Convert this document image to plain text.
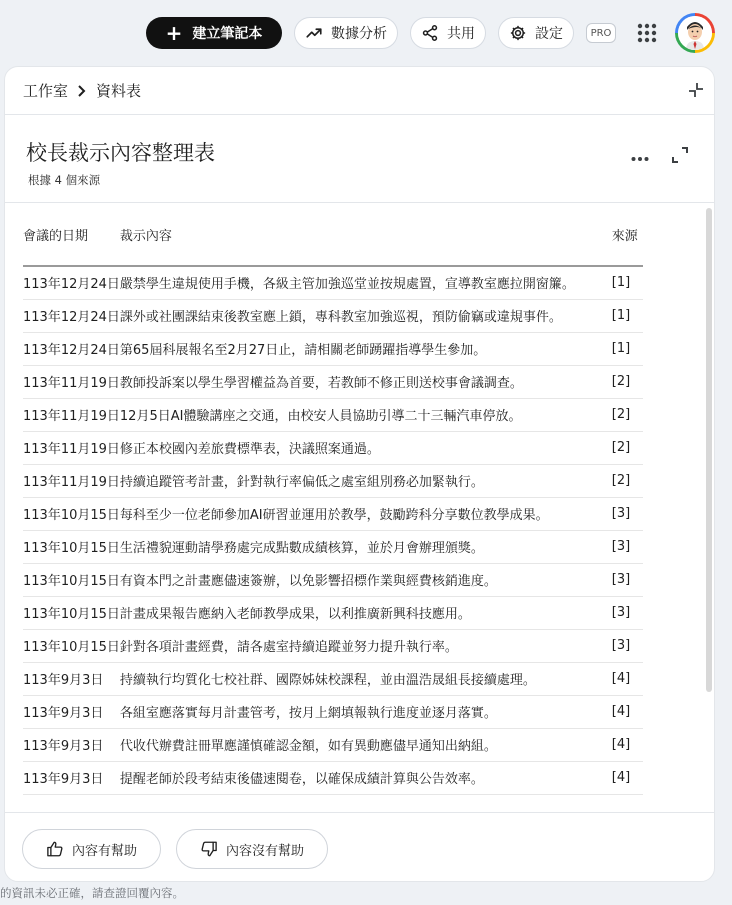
+ 建立筆記本	數據分析	共用	設定	PRO
工作室 資料表
校長裁示內容整理表
根據 4 個來源
會議的日期	裁示內容	來源
113年12月24日	嚴禁學生違規使用手機，各級主管加強巡堂並按規處置，宣導教室應拉開窗簾。	[1]
113年12月24日	課外或社團課結束後教室應上鎖，專科教室加強巡視，預防偷竊或違規事件。	[1]
113年12月24日	第65屆科展報名至2月27日止，請相關老師踴躍指導學生參加。	[1]
113年11月19日	教師投訴案以學生學習權益為首要，若教師不修正則送校事會議調查。	[2]
113年11月19日	12月5日AI體驗講座之交通，由校安人員協助引導二十三輛汽車停放。	[2]
113年11月19日	修正本校國內差旅費標準表，決議照案通過。	[2]
113年11月19日	持續追蹤管考計畫，針對執行率偏低之處室組別務必加緊執行。	[2]
113年10月15日	每科至少一位老師參加AI研習並運用於教學，鼓勵跨科分享數位教學成果。	[3]
113年10月15日	生活禮貌運動請學務處完成點數成績核算，並於月會辦理頒獎。	[3]
113年10月15日	有資本門之計畫應儘速簽辦，以免影響招標作業與經費核銷進度。	[3]
113年10月15日	計畫成果報告應納入老師教學成果，以利推廣新興科技應用。	[3]
113年10月15日	針對各項計畫經費，請各處室持續追蹤並努力提升執行率。	[3]
113年9月3日	持續執行均質化七校社群、國際姊妹校課程，並由溫浩晟組長接續處理。	[4]
113年9月3日	各組室應落實每月計畫管考，按月上網填報執行進度並逐月落實。	[4]
113年9月3日	代收代辦費註冊單應謹慎確認金額，如有異動應儘早通知出納組。	[4]
113年9月3日	提醒老師於段考結束後儘速閱卷，以確保成績計算與公告效率。	[4]
內容有幫助	內容沒有幫助
的資訊未必正確，請查證回覆內容。
